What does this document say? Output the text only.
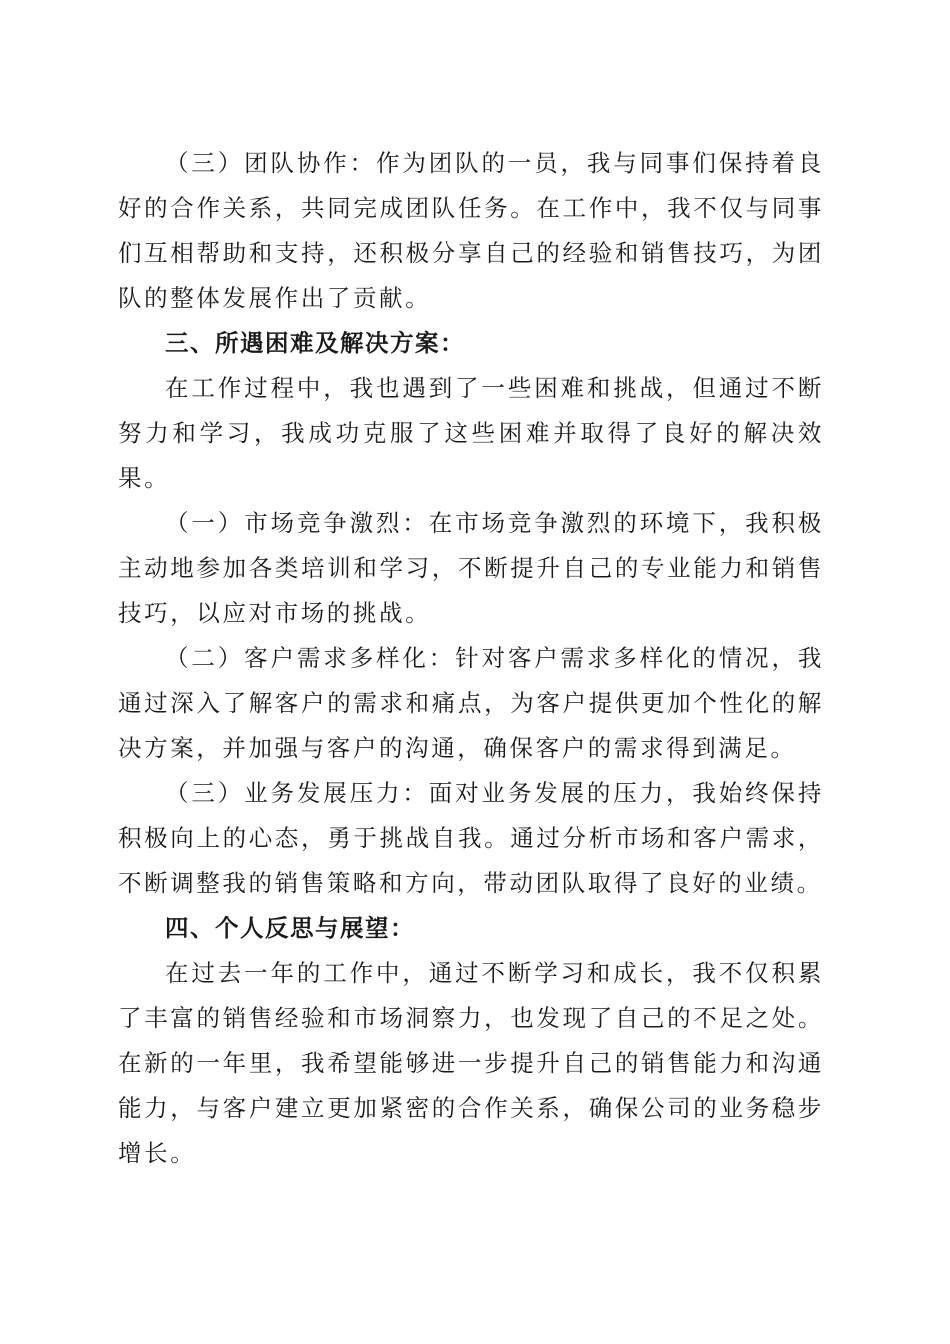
（三）团队协作：作为团队的一员，我与同事们保持着良好的合作关系，共同完成团队任务。在工作中，我不仅与同事们互相帮助和支持，还积极分享自己的经验和销售技巧，为团队的整体发展作出了贡献。

三、所遇困难及解决方案：

在工作过程中，我也遇到了一些困难和挑战，但通过不断努力和学习，我成功克服了这些困难并取得了良好的解决效果。

（一）市场竞争激烈：在市场竞争激烈的环境下，我积极主动地参加各类培训和学习，不断提升自己的专业能力和销售技巧，以应对市场的挑战。

（二）客户需求多样化：针对客户需求多样化的情况，我通过深入了解客户的需求和痛点，为客户提供更加个性化的解决方案，并加强与客户的沟通，确保客户的需求得到满足。

（三）业务发展压力：面对业务发展的压力，我始终保持积极向上的心态，勇于挑战自我。通过分析市场和客户需求，不断调整我的销售策略和方向，带动团队取得了良好的业绩。

四、个人反思与展望：

在过去一年的工作中，通过不断学习和成长，我不仅积累了丰富的销售经验和市场洞察力，也发现了自己的不足之处。在新的一年里，我希望能够进一步提升自己的销售能力和沟通能力，与客户建立更加紧密的合作关系，确保公司的业务稳步增长。
